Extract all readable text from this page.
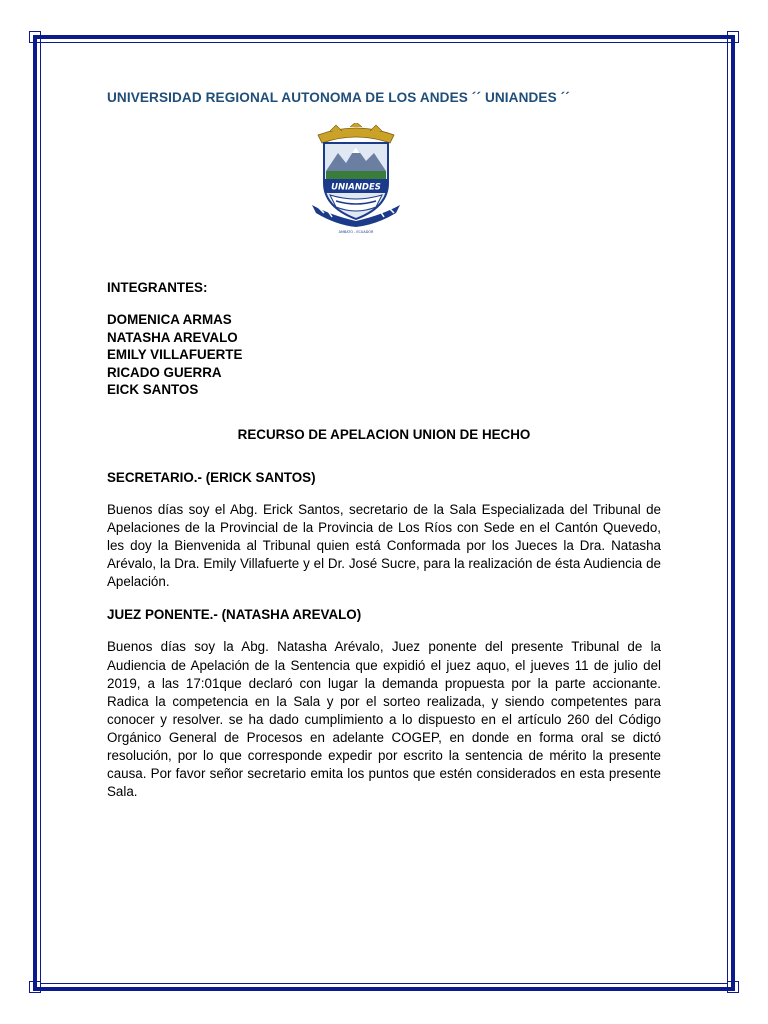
UNIVERSIDAD REGIONAL AUTONOMA DE LOS ANDES ´´ UNIANDES ´´

UNIANDES
AMBATO - ECUADOR
INTEGRANTES:
DOMENICA ARMAS
NATASHA AREVALO
EMILY VILLAFUERTE
RICADO GUERRA
EICK SANTOS
RECURSO DE APELACION UNION DE HECHO
SECRETARIO.- (ERICK SANTOS)
Buenos días soy el Abg. Erick Santos, secretario de la Sala Especializada del Tribunal de Apelaciones de la Provincial de la Provincia de Los Ríos con Sede en el Cantón Quevedo, les doy la Bienvenida al Tribunal quien está Conformada por los Jueces la Dra. Natasha Arévalo, la Dra. Emily Villafuerte y el Dr. José Sucre, para la realización de ésta Audiencia de Apelación.
JUEZ PONENTE.- (NATASHA AREVALO)
Buenos días soy la Abg. Natasha Arévalo, Juez ponente del presente Tribunal de la Audiencia de Apelación de la Sentencia que expidió el juez aquo, el jueves 11 de julio del 2019, a las 17:01que declaró con lugar la demanda propuesta por la parte accionante. Radica la competencia en la Sala y por el sorteo realizada, y siendo competentes para conocer y resolver. se ha dado cumplimiento a lo dispuesto en el artículo 260 del Código Orgánico General de Procesos en adelante COGEP, en donde en forma oral se dictó resolución, por lo que corresponde expedir por escrito la sentencia de mérito la presente causa. Por favor señor secretario emita los puntos que estén considerados en esta presente Sala.
